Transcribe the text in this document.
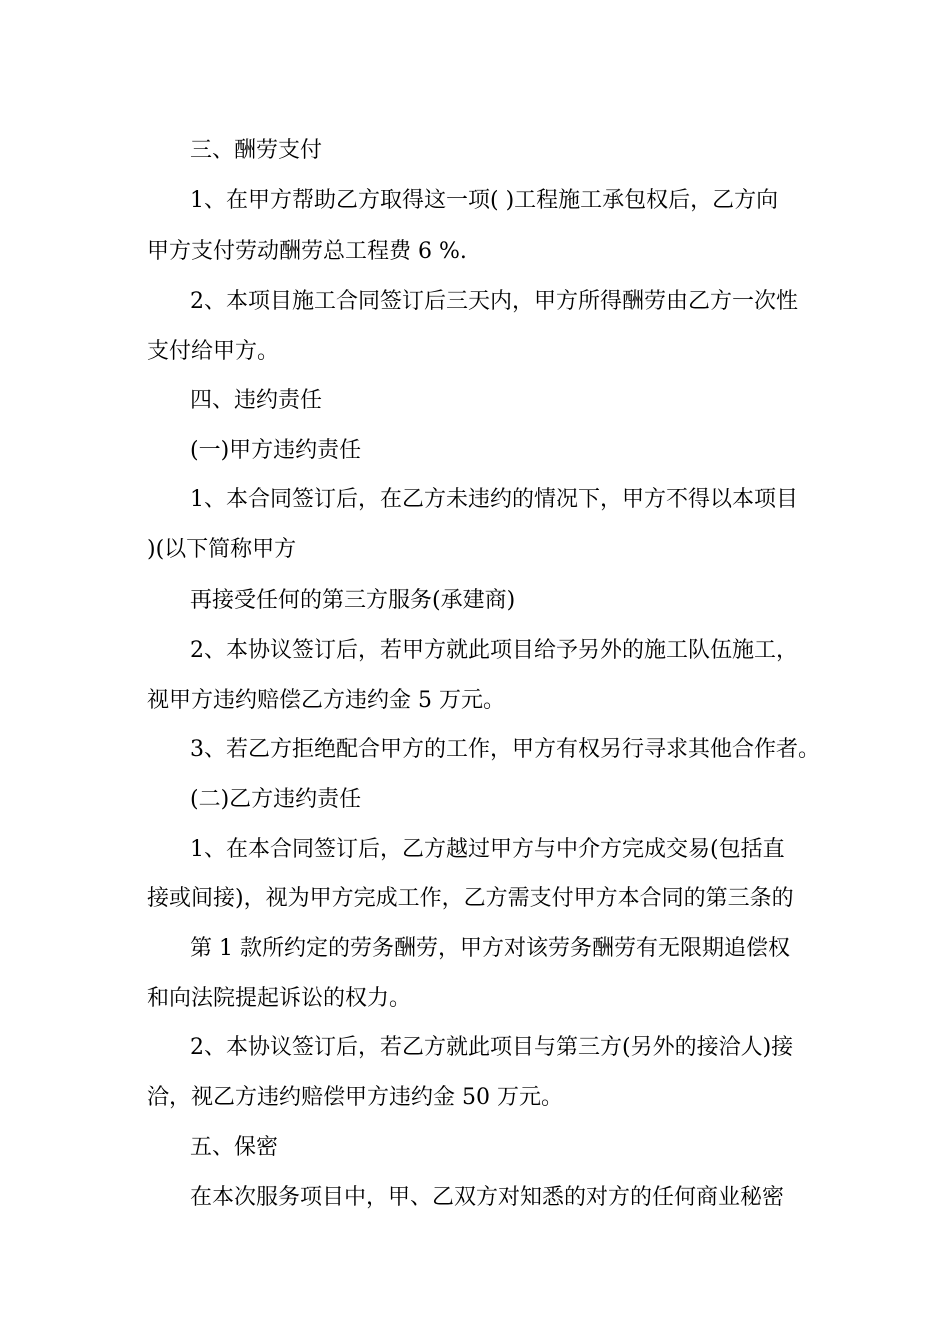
三、酬劳支付
1、在甲方帮助乙方取得这一项( )工程施工承包权后，乙方向
甲方支付劳动酬劳总工程费 6 %.
2、本项目施工合同签订后三天内，甲方所得酬劳由乙方一次性
支付给甲方。
四、违约责任
(一)甲方违约责任
1、本合同签订后，在乙方未违约的情况下，甲方不得以本项目
)(以下简称甲方
再接受任何的第三方服务(承建商)
2、本协议签订后，若甲方就此项目给予另外的施工队伍施工，
视甲方违约赔偿乙方违约金 5 万元。
3、若乙方拒绝配合甲方的工作，甲方有权另行寻求其他合作者。
(二)乙方违约责任
1、在本合同签订后，乙方越过甲方与中介方完成交易(包括直
接或间接)，视为甲方完成工作，乙方需支付甲方本合同的第三条的
第 1 款所约定的劳务酬劳，甲方对该劳务酬劳有无限期追偿权
和向法院提起诉讼的权力。
2、本协议签订后，若乙方就此项目与第三方(另外的接洽人)接
洽，视乙方违约赔偿甲方违约金 50 万元。
五、保密
在本次服务项目中，甲、乙双方对知悉的对方的任何商业秘密
